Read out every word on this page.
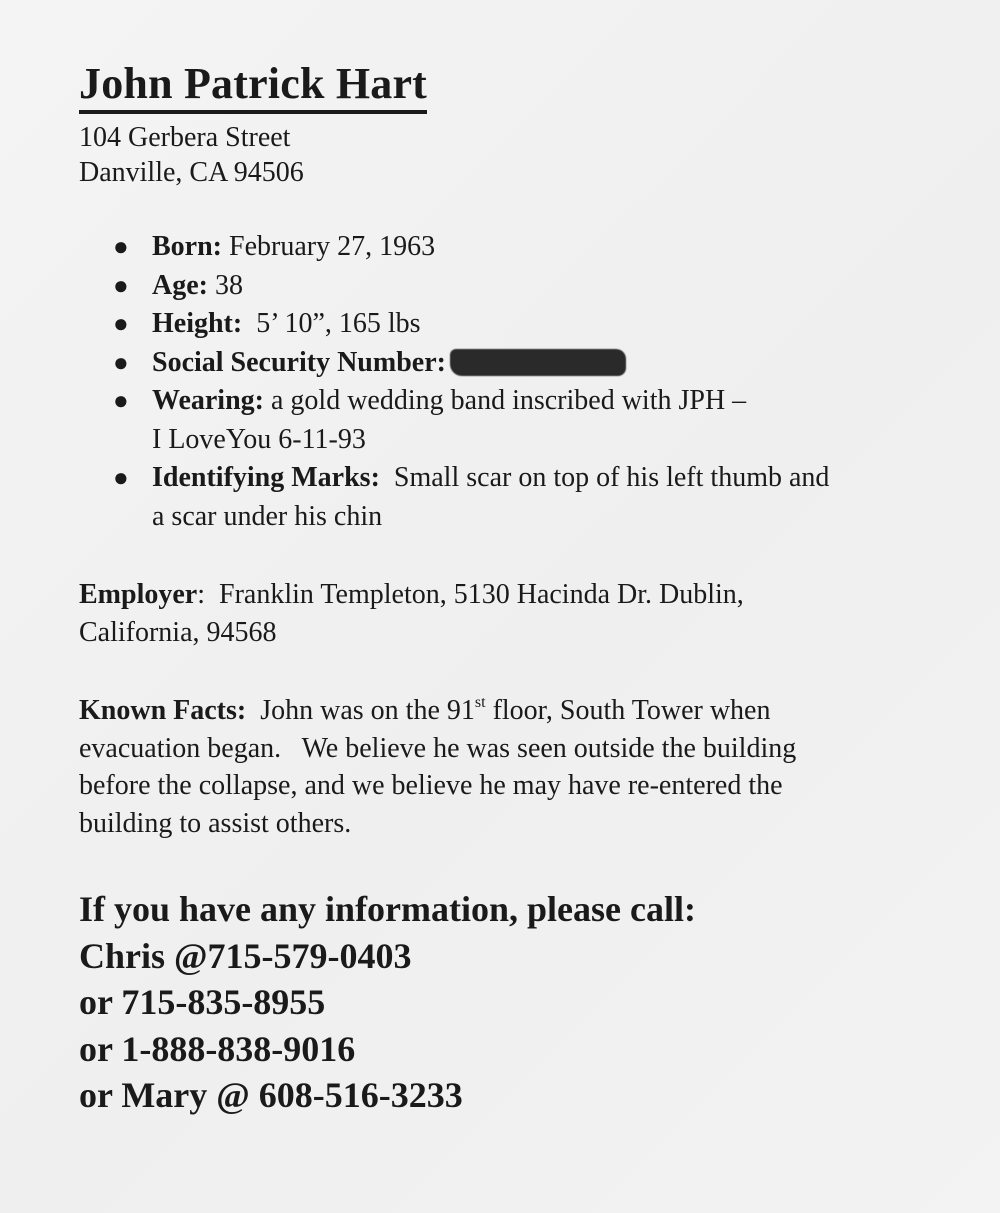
John Patrick Hart
104 Gerbera Street
Danville, CA 94506
● Born: February 27, 1963
● Age: 38
● Height: 5’ 10”, 165 lbs
● Social Security Number:
● Wearing: a gold wedding band inscribed with JPH –
I LoveYou 6-11-93
● Identifying Marks: Small scar on top of his left thumb and
a scar under his chin
Employer:  Franklin Templeton, 5130 Hacinda Dr. Dublin,
California, 94568
Known Facts: John was on the 91st floor, South Tower when
evacuation began.   We believe he was seen outside the building
before the collapse, and we believe he may have re-entered the
building to assist others.
If you have any information, please call:
Chris @715-579-0403
or 715-835-8955
or 1-888-838-9016
or Mary @ 608-516-3233
